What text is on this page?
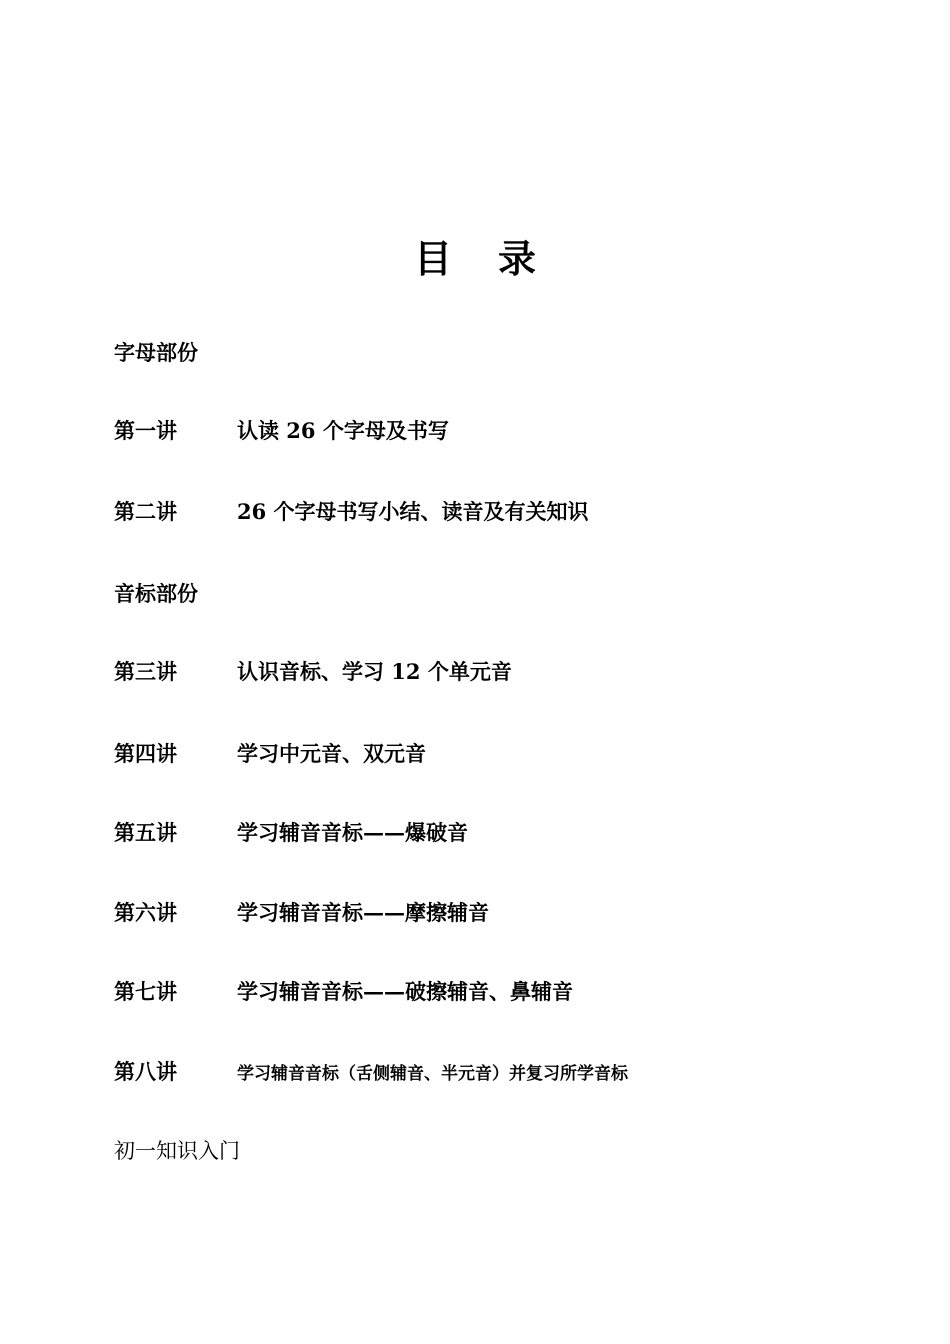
目 录
字母部份
第一讲	认读 26 个字母及书写
第二讲	26 个字母书写小结、读音及有关知识
音标部份
第三讲	认识音标、学习 12 个单元音
第四讲	学习中元音、双元音
第五讲	学习辅音音标——爆破音
第六讲	学习辅音音标——摩擦辅音
第七讲	学习辅音音标——破擦辅音、鼻辅音
第八讲	学习辅音音标（舌侧辅音、半元音）并复习所学音标
初一知识入门
